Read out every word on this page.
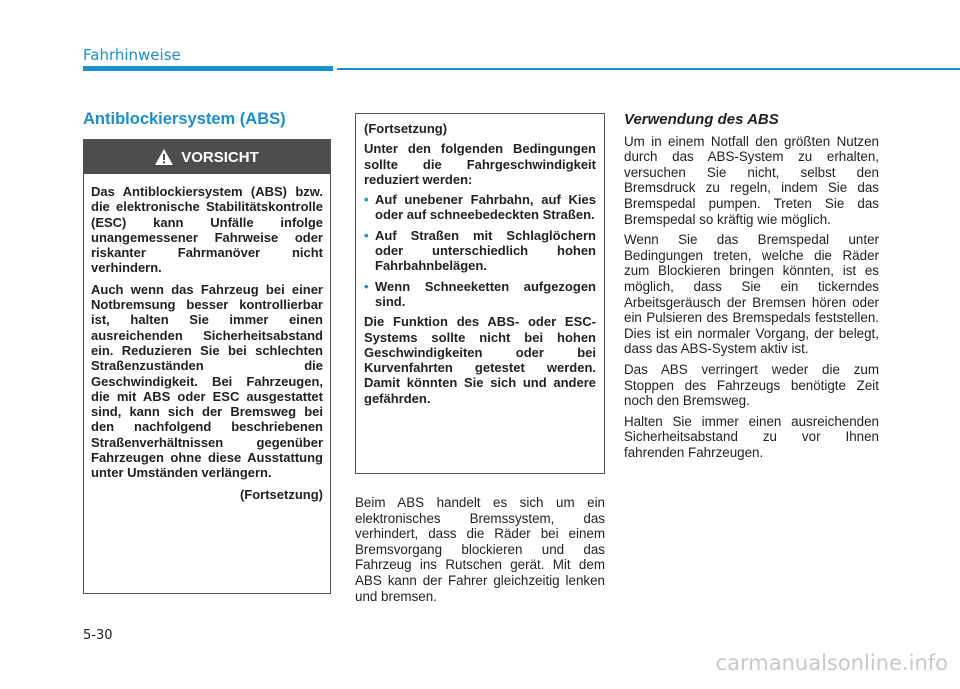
Fahrhinweise
Antiblockiersystem (ABS)
VORSICHT

Das Antiblockiersystem (ABS) bzw. die elektronische Stabilitätskontrolle (ESC) kann Unfälle infolge unangemessener Fahrweise oder riskanter Fahrmanöver nicht verhindern.

Auch wenn das Fahrzeug bei einer Notbremsung besser kontrollierbar ist, halten Sie immer einen ausreichenden Sicherheitsabstand ein. Reduzieren Sie bei schlechten Straßenzuständen die Geschwindigkeit. Bei Fahrzeugen, die mit ABS oder ESC ausgestattet sind, kann sich der Bremsweg bei den nachfolgend beschriebenen Straßenverhältnissen gegenüber Fahrzeugen ohne diese Ausstattung unter Umständen verlängern.

(Fortsetzung)

(Fortsetzung)

Unter den folgenden Bedingungen sollte die Fahrgeschwindigkeit reduziert werden:

• Auf unebener Fahrbahn, auf Kies oder auf schneebedeckten Straßen.
• Auf Straßen mit Schlaglöchern oder unterschiedlich hohen Fahrbahnbelägen.
• Wenn Schneeketten aufgezogen sind.

Die Funktion des ABS- oder ESC-Systems sollte nicht bei hohen Geschwindigkeiten oder bei Kurvenfahrten getestet werden. Damit könnten Sie sich und andere gefährden.

Beim ABS handelt es sich um ein elektronisches Bremssystem, das verhindert, dass die Räder bei einem Bremsvorgang blockieren und das Fahrzeug ins Rutschen gerät. Mit dem ABS kann der Fahrer gleichzeitig lenken und bremsen.

Verwendung des ABS

Um in einem Notfall den größten Nutzen durch das ABS-System zu erhalten, versuchen Sie nicht, selbst den Bremsdruck zu regeln, indem Sie das Bremspedal pumpen. Treten Sie das Bremspedal so kräftig wie möglich.

Wenn Sie das Bremspedal unter Bedingungen treten, welche die Räder zum Blockieren bringen könnten, ist es möglich, dass Sie ein tickerndes Arbeitsgeräusch der Bremsen hören oder ein Pulsieren des Bremspedals feststellen. Dies ist ein normaler Vorgang, der belegt, dass das ABS-System aktiv ist.

Das ABS verringert weder die zum Stoppen des Fahrzeugs benötigte Zeit noch den Bremsweg.

Halten Sie immer einen ausreichenden Sicherheitsabstand zu vor Ihnen fahrenden Fahrzeugen.

5-30
carmanualsonline.info
